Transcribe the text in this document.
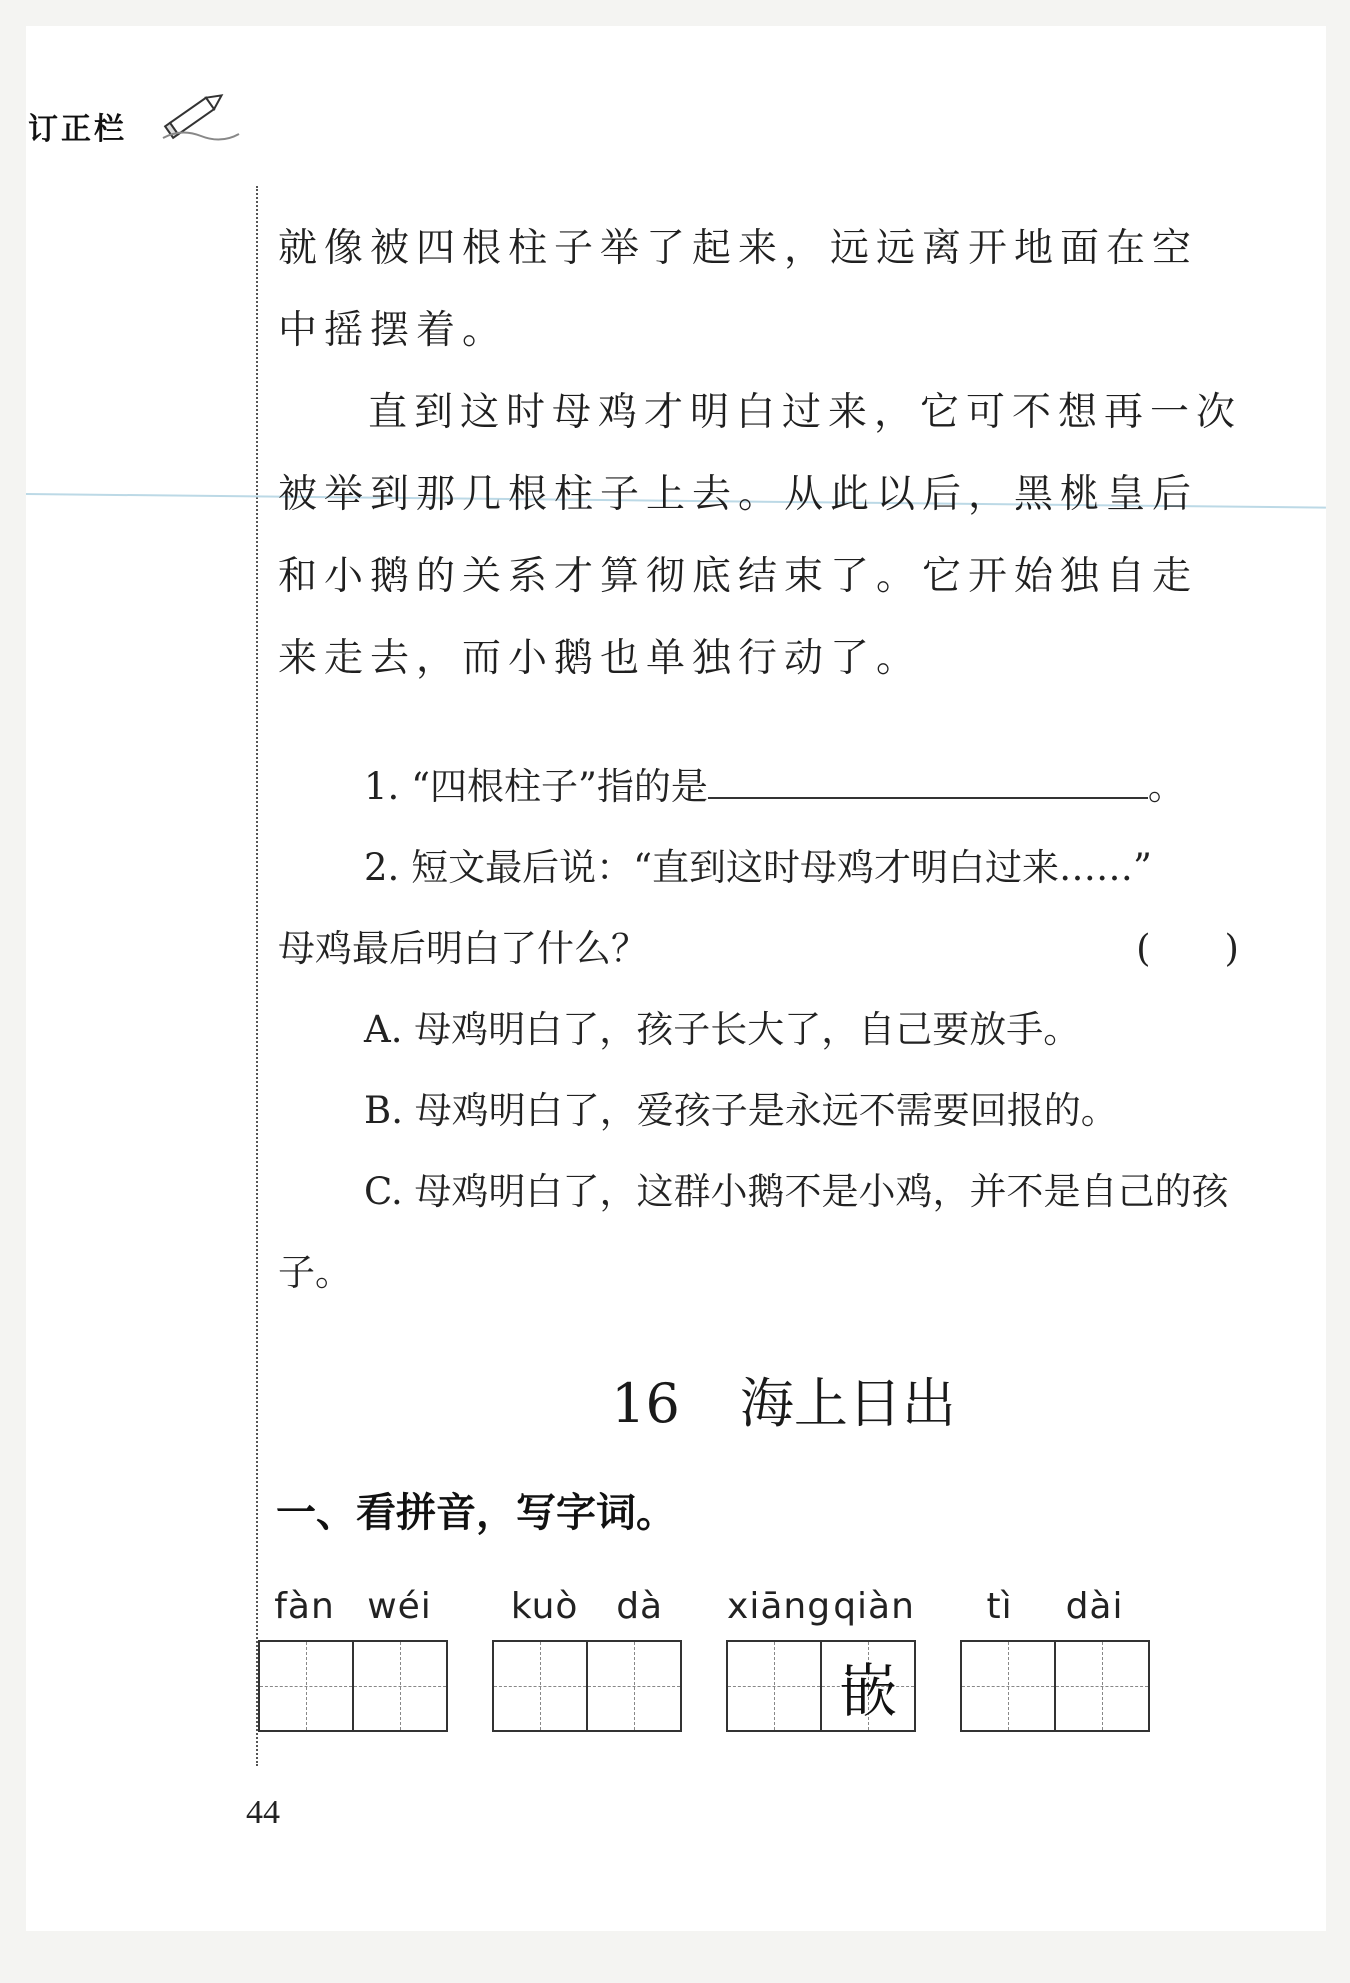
订正栏

就像被四根柱子举了起来，远远离开地面在空中摇摆着。

直到这时母鸡才明白过来，它可不想再一次被举到那几根柱子上去。从此以后，黑桃皇后和小鹅的关系才算彻底结束了。它开始独自走来走去，而小鹅也单独行动了。

1. “四根柱子”指的是	。

2. 短文最后说：“直到这时母鸡才明白过来……”

母鸡最后明白了什么？	(　　)

A. 母鸡明白了，孩子长大了，自己要放手。

B. 母鸡明白了，爱孩子是永远不需要回报的。

C. 母鸡明白了，这群小鹅不是小鸡，并不是自己的孩子。

16 海上日出
一、看拼音，写字词。
fàn wéi kuò dà xiāng qiàn
嵌
tì dài
44
